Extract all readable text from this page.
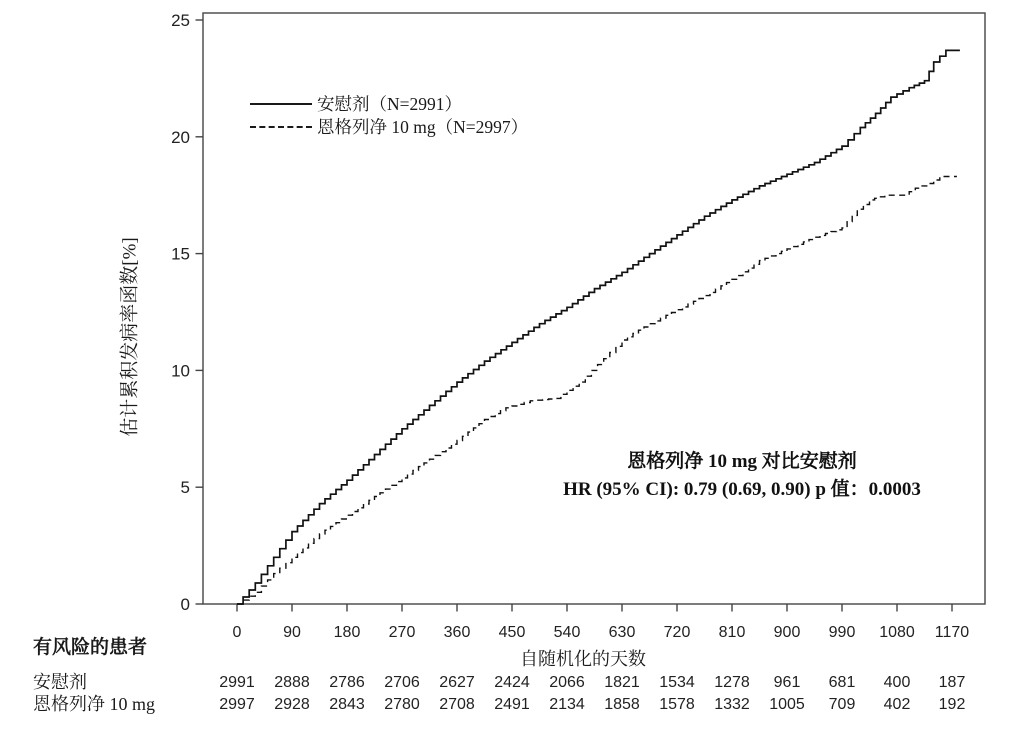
0
5
10
15
20
25
0	90 180 270 360 450 540 630 720 810 900 990 1080 1170
2991 2888 2786 2706 2627 2424 2066 1821 1534 1278 961 681 400 187
2997 2928 2843 2780 2708 2491 2134 1858 1578 1332 1005 709 402 192
估计累积发病率函数[%]
安慰剂（N=2991）
恩格列净 10 mg（N=2997）
恩格列净 10 mg 对比安慰剂
HR (95% CI): 0.79 (0.69, 0.90) p 值：0.0003
自随机化的天数
有风险的患者
安慰剂
恩格列净 10 mg
